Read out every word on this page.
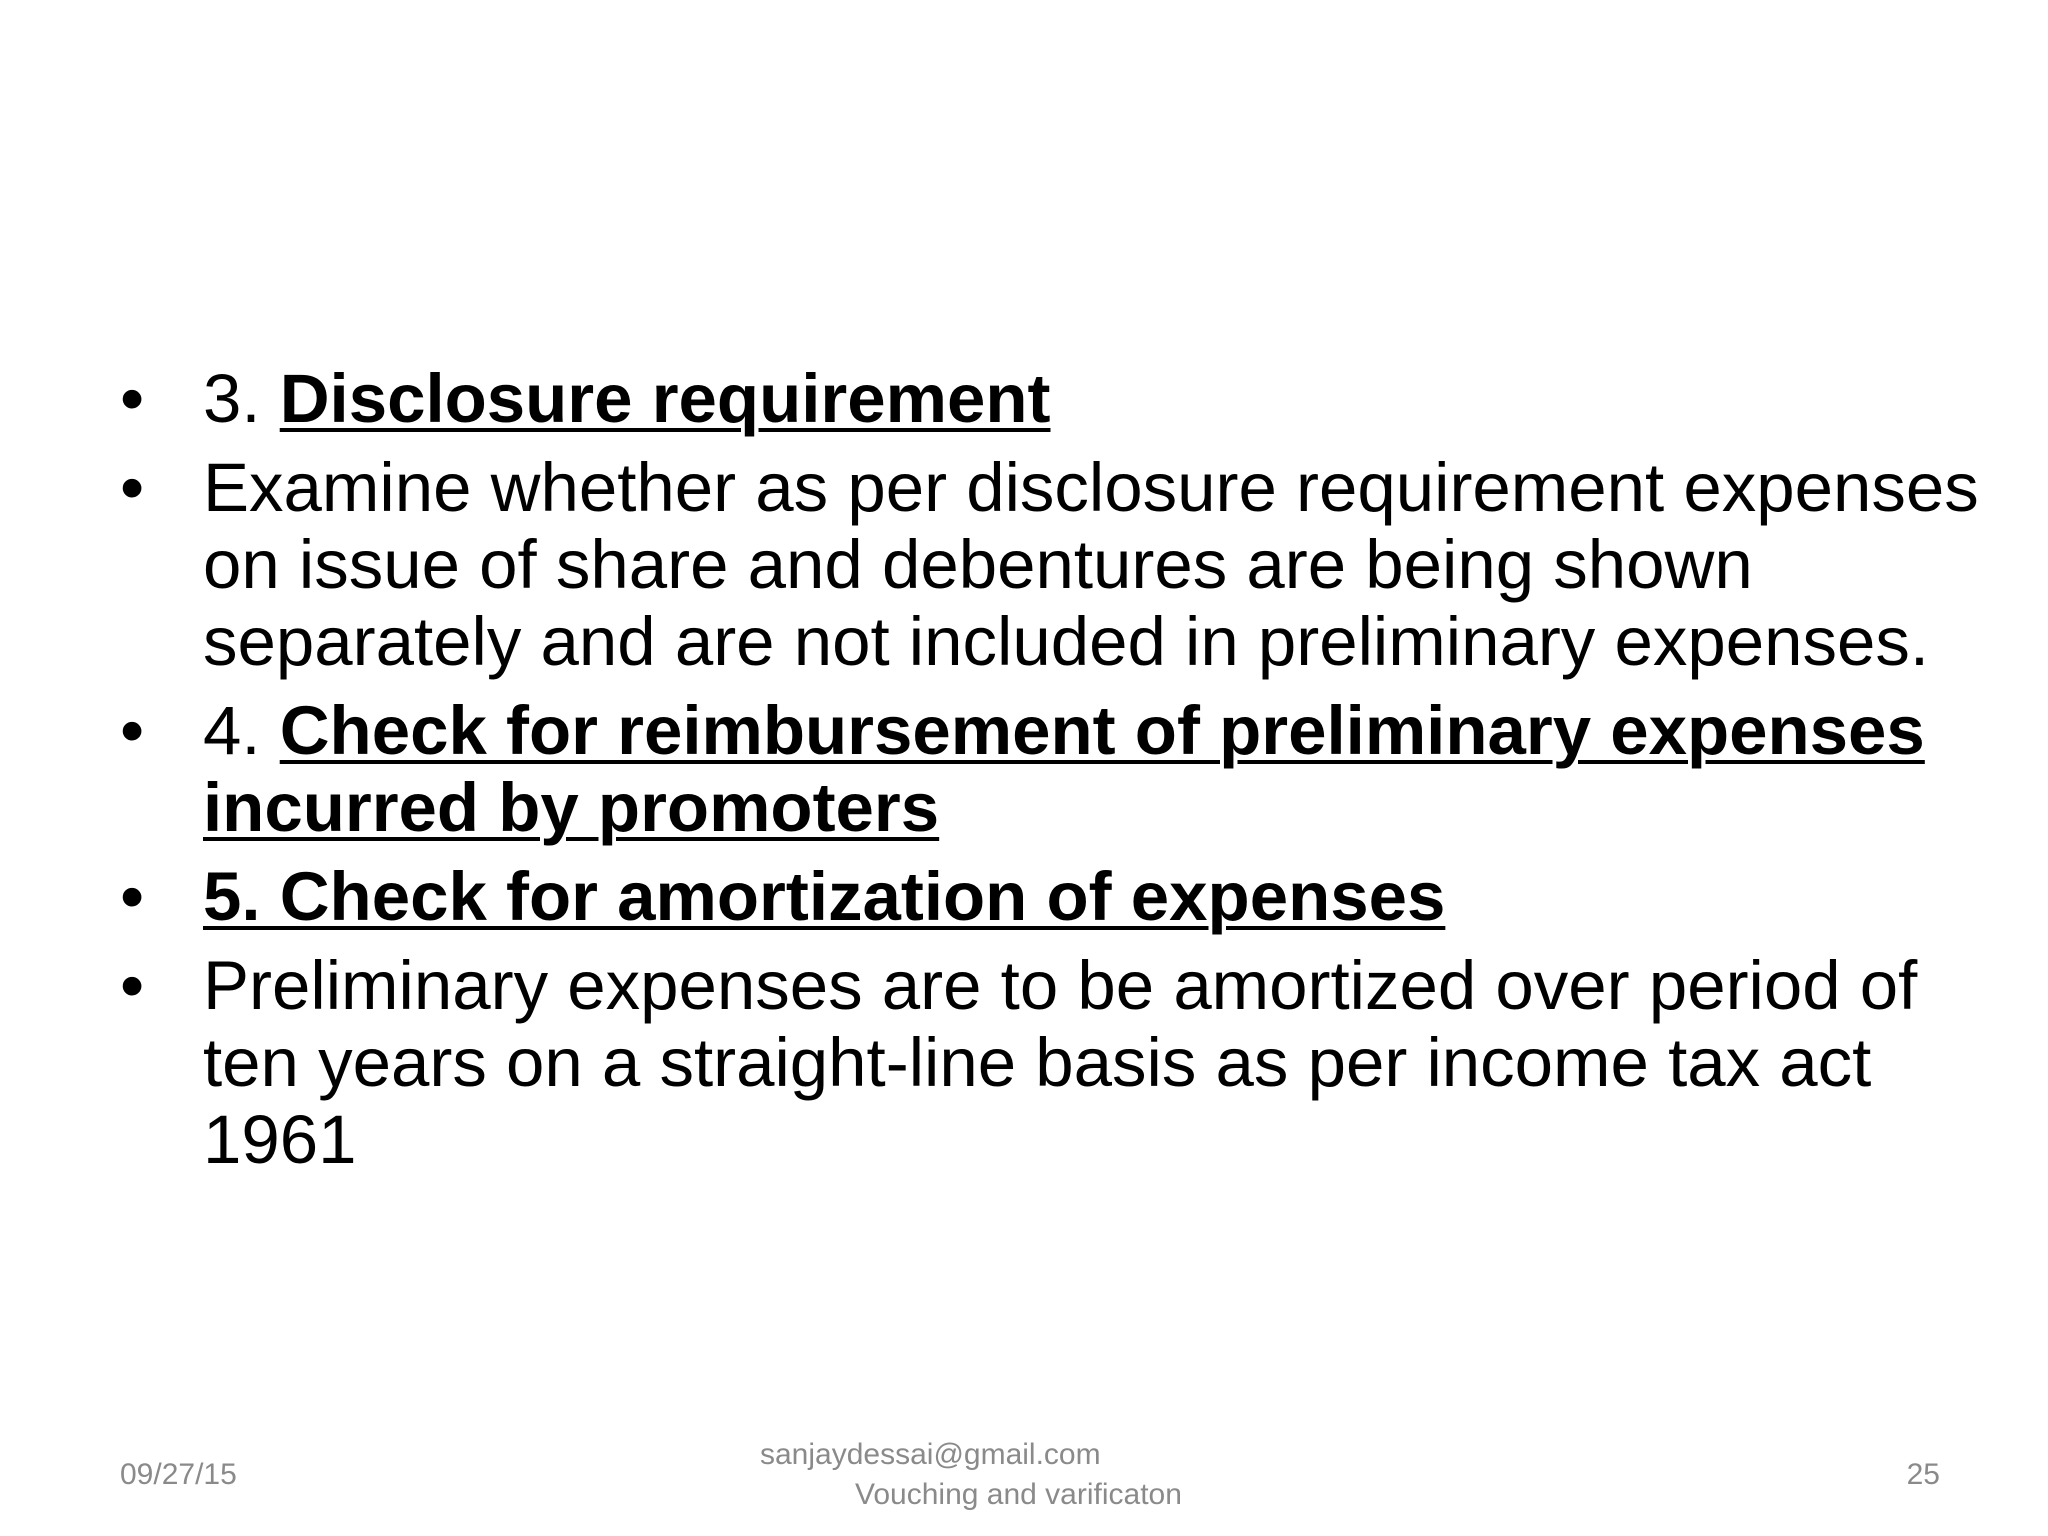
• 3. Disclosure requirement
• Examine whether as per disclosure requirement expenses on issue of share and debentures are being shown separately and are not included in preliminary expenses.
• 4. Check for reimbursement of preliminary expenses incurred by promoters
• 5. Check for amortization of expenses
• Preliminary expenses are to be amortized over period of ten years on a straight-line basis as per income tax act 1961
09/27/15
sanjaydessai@gmail.com
Vouching and varificaton
25
